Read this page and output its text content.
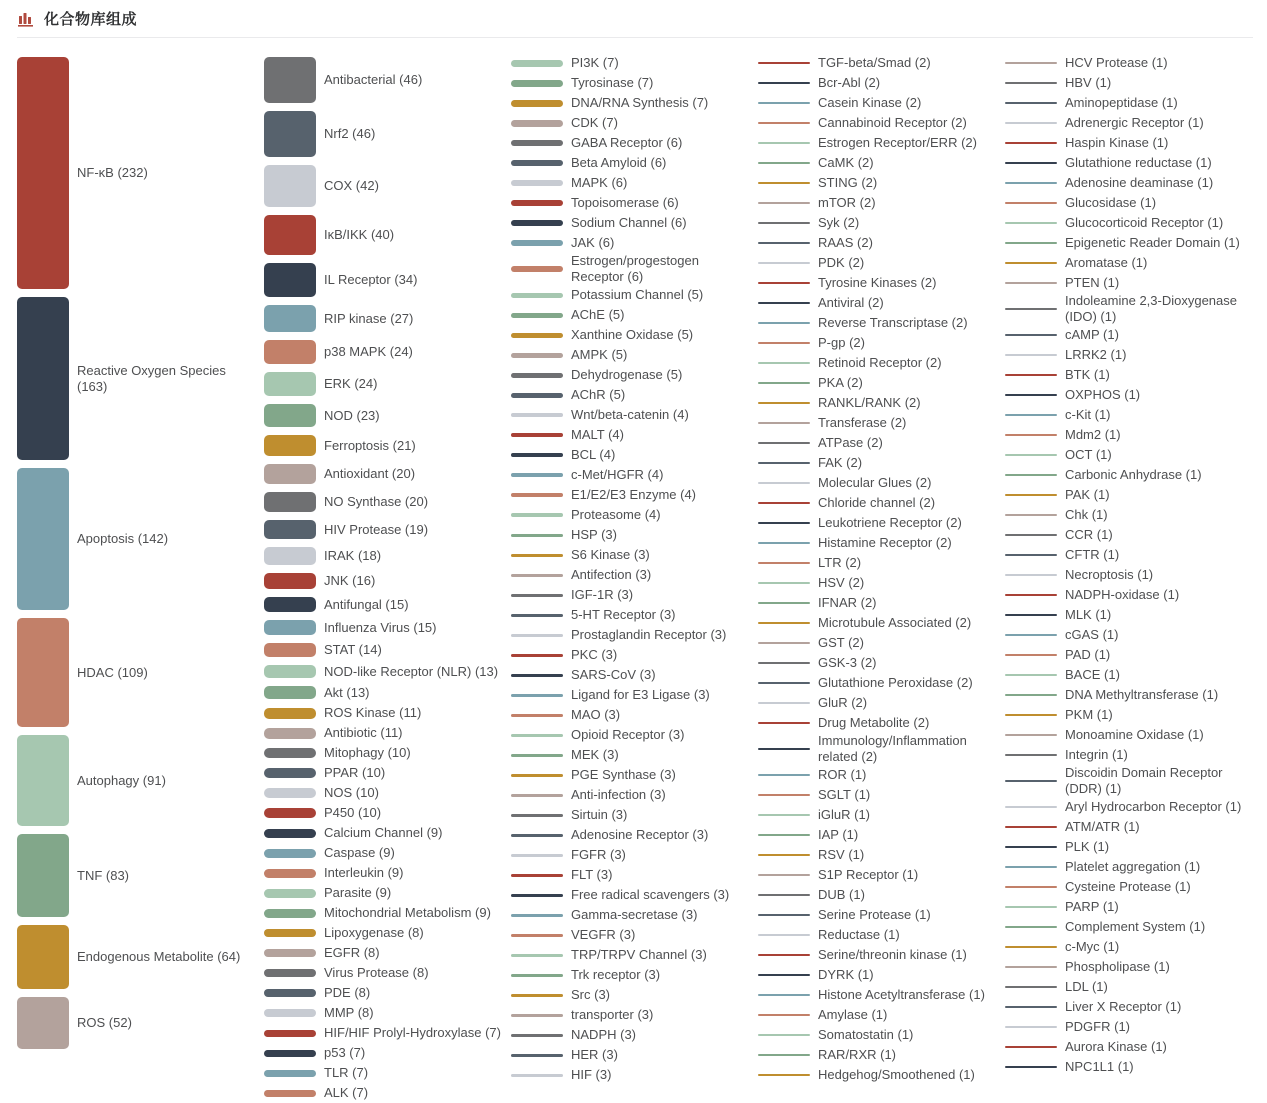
化合物库组成
NF-κB (232)
Reactive Oxygen Species (163)
Apoptosis (142)
HDAC (109)
Autophagy (91)
TNF (83)
Endogenous Metabolite (64)
ROS (52)
Antibacterial (46)
Nrf2 (46)
COX (42)
IκB/IKK (40)
IL Receptor (34)
RIP kinase (27)
p38 MAPK (24)
ERK (24)
NOD (23)
Ferroptosis (21)
Antioxidant (20)
NO Synthase (20)
HIV Protease (19)
IRAK (18)
JNK (16)
Antifungal (15)
Influenza Virus (15)
STAT (14)
NOD-like Receptor (NLR) (13)
Akt (13)
ROS Kinase (11)
Antibiotic (11)
Mitophagy (10)
PPAR (10)
NOS (10)
P450 (10)
Calcium Channel (9)
Caspase (9)
Interleukin (9)
Parasite (9)
Mitochondrial Metabolism (9)
Lipoxygenase (8)
EGFR (8)
Virus Protease (8)
PDE (8)
MMP (8)
HIF/HIF Prolyl-Hydroxylase (7)
p53 (7)
TLR (7)
ALK (7)
PI3K (7)
Tyrosinase (7)
DNA/RNA Synthesis (7)
CDK (7)
GABA Receptor (6)
Beta Amyloid (6)
MAPK (6)
Topoisomerase (6)
Sodium Channel (6)
JAK (6)
Estrogen/progestogen Receptor (6)
Potassium Channel (5)
AChE (5)
Xanthine Oxidase (5)
AMPK (5)
Dehydrogenase (5)
AChR (5)
Wnt/beta-catenin (4)
MALT (4)
BCL (4)
c-Met/HGFR (4)
E1/E2/E3 Enzyme (4)
Proteasome (4)
HSP (3)
S6 Kinase (3)
Antifection (3)
IGF-1R (3)
5-HT Receptor (3)
Prostaglandin Receptor (3)
PKC (3)
SARS-CoV (3)
Ligand for E3 Ligase (3)
MAO (3)
Opioid Receptor (3)
MEK (3)
PGE Synthase (3)
Anti-infection (3)
Sirtuin (3)
Adenosine Receptor (3)
FGFR (3)
FLT (3)
Free radical scavengers (3)
Gamma-secretase (3)
VEGFR (3)
TRP/TRPV Channel (3)
Trk receptor (3)
Src (3)
transporter (3)
NADPH (3)
HER (3)
HIF (3)
TGF-beta/Smad (2)
Bcr-Abl (2)
Casein Kinase (2)
Cannabinoid Receptor (2)
Estrogen Receptor/ERR (2)
CaMK (2)
STING (2)
mTOR (2)
Syk (2)
RAAS (2)
PDK (2)
Tyrosine Kinases (2)
Antiviral (2)
Reverse Transcriptase (2)
P-gp (2)
Retinoid Receptor (2)
PKA (2)
RANKL/RANK (2)
Transferase (2)
ATPase (2)
FAK (2)
Molecular Glues (2)
Chloride channel (2)
Leukotriene Receptor (2)
Histamine Receptor (2)
LTR (2)
HSV (2)
IFNAR (2)
Microtubule Associated (2)
GST (2)
GSK-3 (2)
Glutathione Peroxidase (2)
GluR (2)
Drug Metabolite (2)
Immunology/Inflammation related (2)
ROR (1)
SGLT (1)
iGluR (1)
IAP (1)
RSV (1)
S1P Receptor (1)
DUB (1)
Serine Protease (1)
Reductase (1)
Serine/threonin kinase (1)
DYRK (1)
Histone Acetyltransferase (1)
Amylase (1)
Somatostatin (1)
RAR/RXR (1)
Hedgehog/Smoothened (1)
HCV Protease (1)
HBV (1)
Aminopeptidase (1)
Adrenergic Receptor (1)
Haspin Kinase (1)
Glutathione reductase (1)
Adenosine deaminase (1)
Glucosidase (1)
Glucocorticoid Receptor (1)
Epigenetic Reader Domain (1)
Aromatase (1)
PTEN (1)
Indoleamine 2,3-Dioxygenase (IDO) (1)
cAMP (1)
LRRK2 (1)
BTK (1)
OXPHOS (1)
c-Kit (1)
Mdm2 (1)
OCT (1)
Carbonic Anhydrase (1)
PAK (1)
Chk (1)
CCR (1)
CFTR (1)
Necroptosis (1)
NADPH-oxidase (1)
MLK (1)
cGAS (1)
PAD (1)
BACE (1)
DNA Methyltransferase (1)
PKM (1)
Monoamine Oxidase (1)
Integrin (1)
Discoidin Domain Receptor (DDR) (1)
Aryl Hydrocarbon Receptor (1)
ATM/ATR (1)
PLK (1)
Platelet aggregation (1)
Cysteine Protease (1)
PARP (1)
Complement System (1)
c-Myc (1)
Phospholipase (1)
LDL (1)
Liver X Receptor (1)
PDGFR (1)
Aurora Kinase (1)
NPC1L1 (1)
